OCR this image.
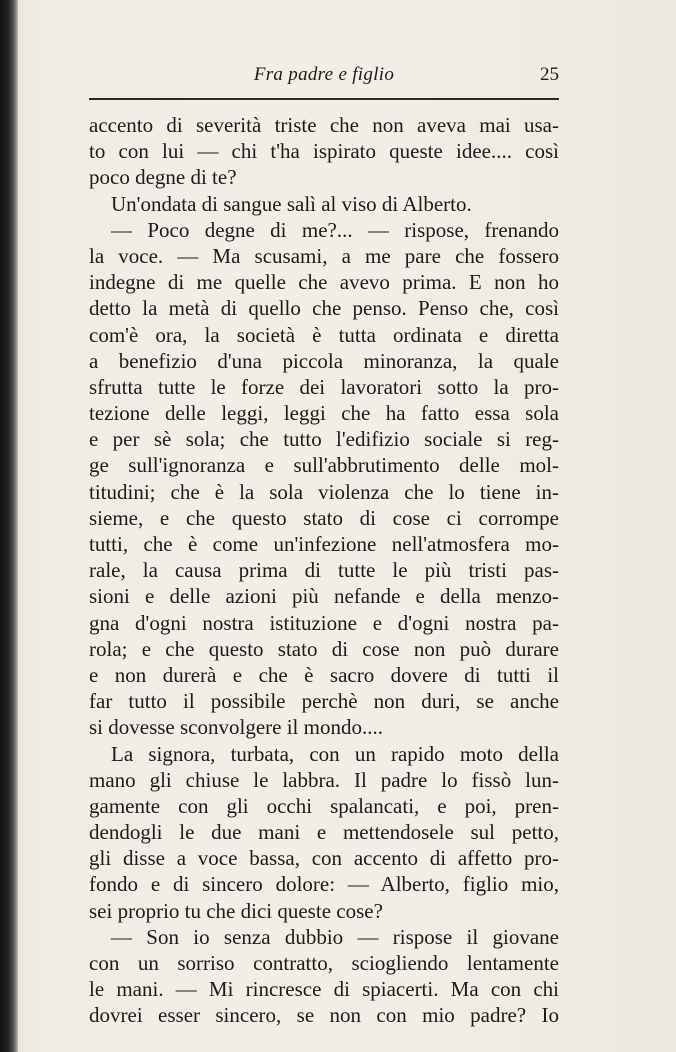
Fra padre e figlio	25
accento di severità triste che non aveva mai usa-
to con lui — chi t'ha ispirato queste idee.... così
poco degne di te?
Un'ondata di sangue salì al viso di Alberto.
— Poco degne di me?... — rispose, frenando
la voce. — Ma scusami, a me pare che fossero
indegne di me quelle che avevo prima. E non ho
detto la metà di quello che penso. Penso che, così
com'è ora, la società è tutta ordinata e diretta
a benefizio d'una piccola minoranza, la quale
sfrutta tutte le forze dei lavoratori sotto la pro-
tezione delle leggi, leggi che ha fatto essa sola
e per sè sola; che tutto l'edifizio sociale si reg-
ge sull'ignoranza e sull'abbrutimento delle mol-
titudini; che è la sola violenza che lo tiene in-
sieme, e che questo stato di cose ci corrompe
tutti, che è come un'infezione nell'atmosfera mo-
rale, la causa prima di tutte le più tristi pas-
sioni e delle azioni più nefande e della menzo-
gna d'ogni nostra istituzione e d'ogni nostra pa-
rola; e che questo stato di cose non può durare
e non durerà e che è sacro dovere di tutti il
far tutto il possibile perchè non duri, se anche
si dovesse sconvolgere il mondo....
La signora, turbata, con un rapido moto della
mano gli chiuse le labbra. Il padre lo fissò lun-
gamente con gli occhi spalancati, e poi, pren-
dendogli le due mani e mettendosele sul petto,
gli disse a voce bassa, con accento di affetto pro-
fondo e di sincero dolore: — Alberto, figlio mio,
sei proprio tu che dici queste cose?
— Son io senza dubbio — rispose il giovane
con un sorriso contratto, sciogliendo lentamente
le mani. — Mi rincresce di spiacerti. Ma con chi
dovrei esser sincero, se non con mio padre? Io
